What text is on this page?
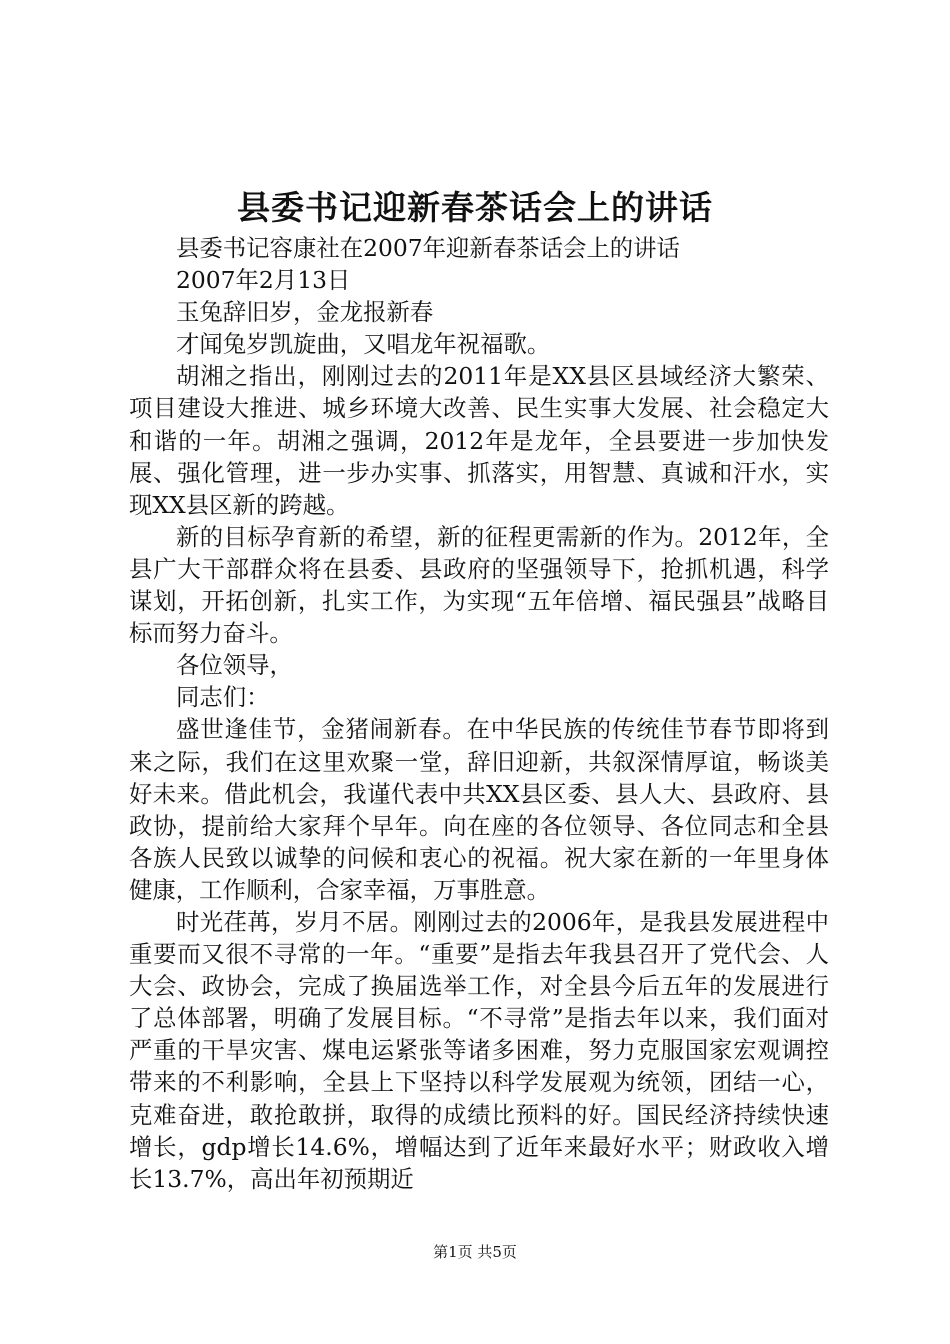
县委书记迎新春茶话会上的讲话

县委书记容康社在2007年迎新春茶话会上的讲话

2007年2月13日

玉兔辞旧岁，金龙报新春

才闻兔岁凯旋曲，又唱龙年祝福歌。

胡湘之指出，刚刚过去的2011年是XX县区县域经济大繁荣、项目建设大推进、城乡环境大改善、民生实事大发展、社会稳定大和谐的一年。胡湘之强调，2012年是龙年，全县要进一步加快发展、强化管理，进一步办实事、抓落实，用智慧、真诚和汗水，实现XX县区新的跨越。

新的目标孕育新的希望，新的征程更需新的作为。2012年，全县广大干部群众将在县委、县政府的坚强领导下，抢抓机遇，科学谋划，开拓创新，扎实工作，为实现“五年倍增、福民强县”战略目标而努力奋斗。

各位领导，

同志们：

盛世逢佳节，金猪闹新春。在中华民族的传统佳节春节即将到来之际，我们在这里欢聚一堂，辞旧迎新，共叙深情厚谊，畅谈美好未来。借此机会，我谨代表中共XX县区委、县人大、县政府、县政协，提前给大家拜个早年。向在座的各位领导、各位同志和全县各族人民致以诚挚的问候和衷心的祝福。祝大家在新的一年里身体健康，工作顺利，合家幸福，万事胜意。

时光荏苒，岁月不居。刚刚过去的2006年，是我县发展进程中重要而又很不寻常的一年。“重要”是指去年我县召开了党代会、人大会、政协会，完成了换届选举工作，对全县今后五年的发展进行了总体部署，明确了发展目标。“不寻常”是指去年以来，我们面对严重的干旱灾害、煤电运紧张等诸多困难，努力克服国家宏观调控带来的不利影响，全县上下坚持以科学发展观为统领，团结一心，克难奋进，敢抢敢拼，取得的成绩比预料的好。国民经济持续快速增长，gdp增长14.6%，增幅达到了近年来最好水平；财政收入增长13.7%，高出年初预期近

第1页 共5页
